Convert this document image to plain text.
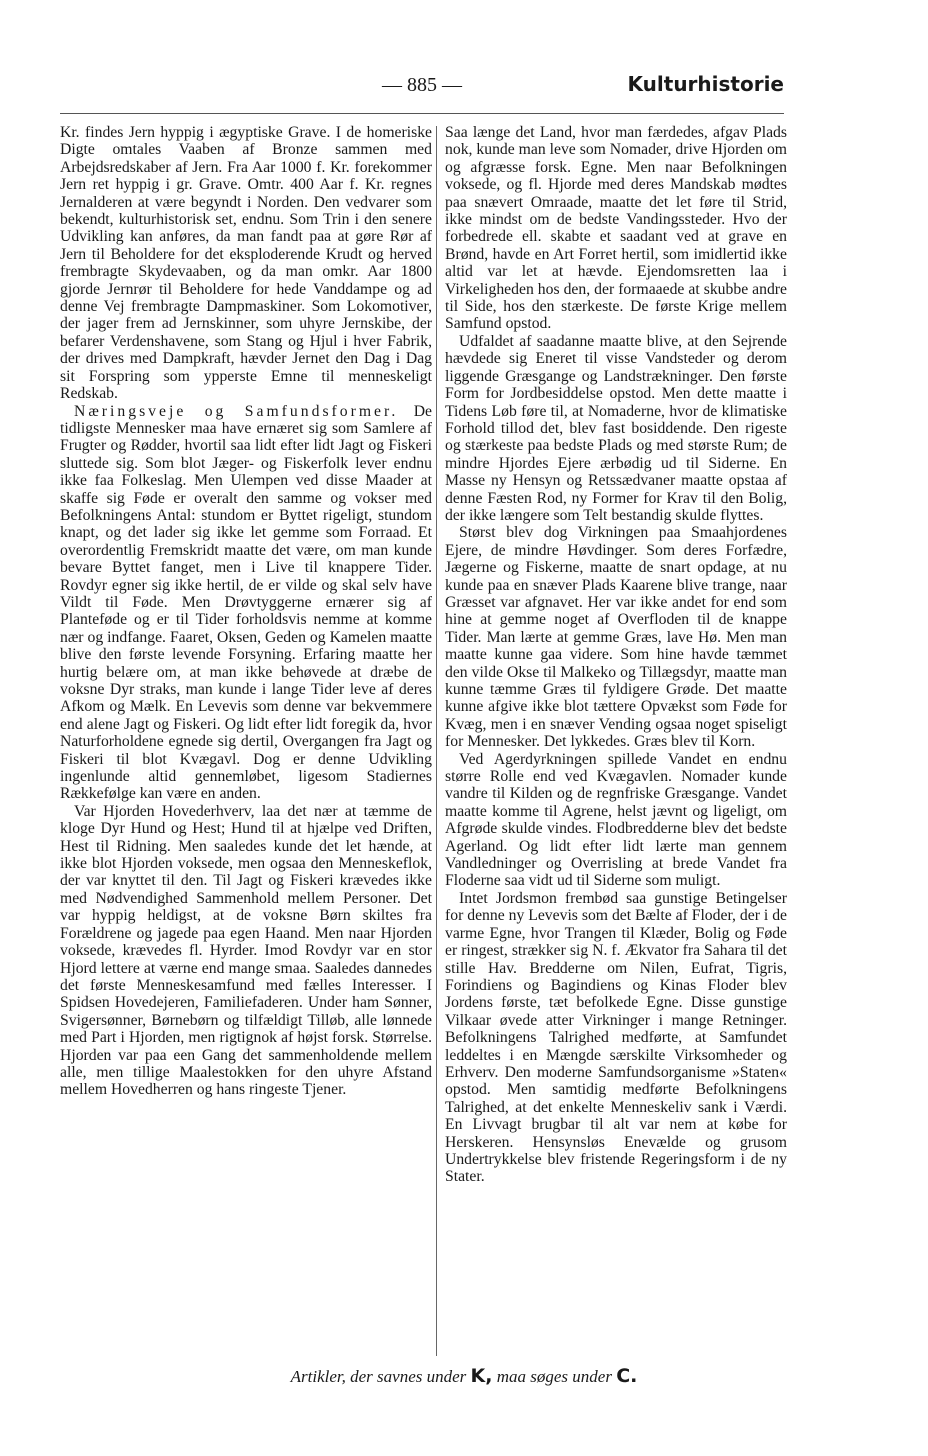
— 885 —	Kulturhistorie

Kr. findes Jern hyppig i ægyptiske Grave. I de homeriske Digte omtales Vaaben af Bronze sammen med Arbejdsredskaber af Jern. Fra Aar 1000 f. Kr. forekommer Jern ret hyppig i gr. Grave. Omtr. 400 Aar f. Kr. regnes Jernalderen at være begyndt i Norden. Den vedvarer som bekendt, kulturhistorisk set, endnu. Som Trin i den senere Udvikling kan anføres, da man fandt paa at gøre Rør af Jern til Beholdere for det eksploderende Krudt og herved frembragte Skydevaaben, og da man omkr. Aar 1800 gjorde Jernrør til Beholdere for hede Vanddampe og ad denne Vej frembragte Dampmaskiner. Som Lokomotiver, der jager frem ad Jernskinner, som uhyre Jernskibe, der befarer Verdenshavene, som Stang og Hjul i hver Fabrik, der drives med Dampkraft, hævder Jernet den Dag i Dag sit Forspring som ypperste Emne til menneskeligt Redskab.

Næringsveje og Samfundsformer. De tidligste Mennesker maa have ernæret sig som Samlere af Frugter og Rødder, hvortil saa lidt efter lidt Jagt og Fiskeri sluttede sig. Som blot Jæger- og Fiskerfolk lever endnu ikke faa Folkeslag. Men Ulempen ved disse Maader at skaffe sig Føde er overalt den samme og vokser med Befolkningens Antal: stundom er Byttet rigeligt, stundom knapt, og det lader sig ikke let gemme som Forraad. Et overordentlig Fremskridt maatte det være, om man kunde bevare Byttet fanget, men i Live til knappere Tider. Rovdyr egner sig ikke hertil, de er vilde og skal selv have Vildt til Føde. Men Drøvtyggerne ernærer sig af Planteføde og er til Tider forholdsvis nemme at komme nær og indfange. Faaret, Oksen, Geden og Kamelen maatte blive den første levende Forsyning. Erfaring maatte her hurtig belære om, at man ikke behøvede at dræbe de voksne Dyr straks, man kunde i lange Tider leve af deres Afkom og Mælk. En Levevis som denne var bekvemmere end alene Jagt og Fiskeri. Og lidt efter lidt foregik da, hvor Naturforholdene egnede sig dertil, Overgangen fra Jagt og Fiskeri til blot Kvægavl. Dog er denne Udvikling ingenlunde altid gennemløbet, ligesom Stadiernes Rækkefølge kan være en anden.

Var Hjorden Hovederhverv, laa det nær at tæmme de kloge Dyr Hund og Hest; Hund til at hjælpe ved Driften, Hest til Ridning. Men saaledes kunde det let hænde, at ikke blot Hjorden voksede, men ogsaa den Menneskeflok, der var knyttet til den. Til Jagt og Fiskeri krævedes ikke med Nødvendighed Sammenhold mellem Personer. Det var hyppig heldigst, at de voksne Børn skiltes fra Forældrene og jagede paa egen Haand. Men naar Hjorden voksede, krævedes fl. Hyrder. Imod Rovdyr var en stor Hjord lettere at værne end mange smaa. Saaledes dannedes det første Menneskesamfund med fælles Interesser. I Spidsen Hovedejeren, Familiefaderen. Under ham Sønner, Svigersønner, Børnebørn og tilfældigt Tilløb, alle lønnede med Part i Hjorden, men rigtignok af højst forsk. Størrelse. Hjorden var paa een Gang det sammenholdende mellem alle, men tillige Maalestokken for den uhyre Afstand mellem Hovedherren og hans ringeste Tjener.

Saa længe det Land, hvor man færdedes, afgav Plads nok, kunde man leve som Nomader, drive Hjorden om og afgræsse forsk. Egne. Men naar Befolkningen voksede, og fl. Hjorde med deres Mandskab mødtes paa snævert Omraade, maatte det let føre til Strid, ikke mindst om de bedste Vandingssteder. Hvo der forbedrede ell. skabte et saadant ved at grave en Brønd, havde en Art Forret hertil, som imidlertid ikke altid var let at hævde. Ejendomsretten laa i Virkeligheden hos den, der formaaede at skubbe andre til Side, hos den stærkeste. De første Krige mellem Samfund opstod.

Udfaldet af saadanne maatte blive, at den Sejrende hævdede sig Eneret til visse Vandsteder og derom liggende Græsgange og Landstrækninger. Den første Form for Jordbesiddelse opstod. Men dette maatte i Tidens Løb føre til, at Nomaderne, hvor de klimatiske Forhold tillod det, blev fast bosiddende. Den rigeste og stærkeste paa bedste Plads og med største Rum; de mindre Hjordes Ejere ærbødig ud til Siderne. En Masse ny Hensyn og Retssædvaner maatte opstaa af denne Fæsten Rod, ny Former for Krav til den Bolig, der ikke længere som Telt bestandig skulde flyttes.

Størst blev dog Virkningen paa Smaahjordenes Ejere, de mindre Høvdinger. Som deres Forfædre, Jægerne og Fiskerne, maatte de snart opdage, at nu kunde paa en snæver Plads Kaarene blive trange, naar Græsset var afgnavet. Her var ikke andet for end som hine at gemme noget af Overfloden til de knappe Tider. Man lærte at gemme Græs, lave Hø. Men man maatte kunne gaa videre. Som hine havde tæmmet den vilde Okse til Malkeko og Tillægsdyr, maatte man kunne tæmme Græs til fyldigere Grøde. Det maatte kunne afgive ikke blot tættere Opvækst som Føde for Kvæg, men i en snæver Vending ogsaa noget spiseligt for Mennesker. Det lykkedes. Græs blev til Korn.

Ved Agerdyrkningen spillede Vandet en endnu større Rolle end ved Kvægavlen. Nomader kunde vandre til Kilden og de regnfriske Græsgange. Vandet maatte komme til Agrene, helst jævnt og ligeligt, om Afgrøde skulde vindes. Flodbredderne blev det bedste Agerland. Og lidt efter lidt lærte man gennem Vandledninger og Overrisling at brede Vandet fra Floderne saa vidt ud til Siderne som muligt.

Intet Jordsmon frembød saa gunstige Betingelser for denne ny Levevis som det Bælte af Floder, der i de varme Egne, hvor Trangen til Klæder, Bolig og Føde er ringest, strækker sig N. f. Ækvator fra Sahara til det stille Hav. Bredderne om Nilen, Eufrat, Tigris, Forindiens og Bagindiens og Kinas Floder blev Jordens første, tæt befolkede Egne. Disse gunstige Vilkaar øvede atter Virkninger i mange Retninger. Befolkningens Talrighed medførte, at Samfundet leddeltes i en Mængde særskilte Virksomheder og Erhverv. Den moderne Samfundsorganisme »Staten« opstod. Men samtidig medførte Befolkningens Talrighed, at det enkelte Menneskeliv sank i Værdi. En Livvagt brugbar til alt var nem at købe for Herskeren. Hensynsløs Enevælde og grusom Undertrykkelse blev fristende Regeringsform i de ny Stater.

Artikler, der savnes under K, maa søges under C.
